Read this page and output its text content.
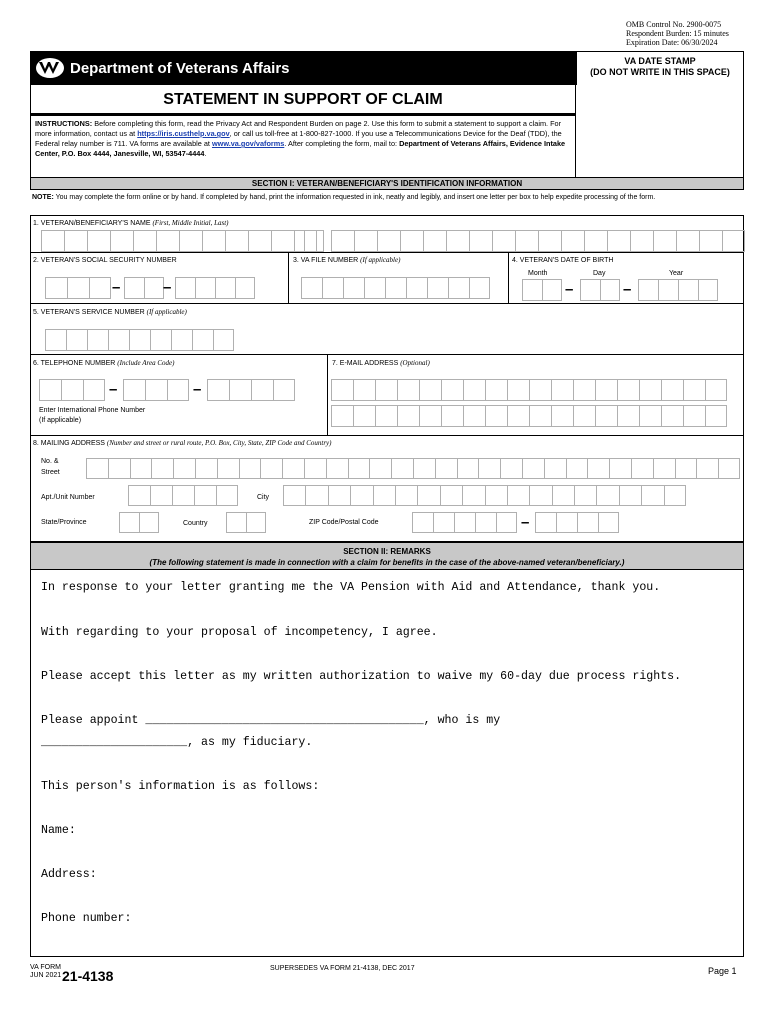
OMB Control No. 2900-0075
Respondent Burden: 15 minutes
Expiration Date: 06/30/2024
Department of Veterans Affairs	VA DATE STAMP
(DO NOT WRITE IN THIS SPACE)
STATEMENT IN SUPPORT OF CLAIM
INSTRUCTIONS: Before completing this form, read the Privacy Act and Respondent Burden on page 2. Use this form to submit a statement to support a claim. For more information, contact us at https://iris.custhelp.va.gov, or call us toll-free at 1-800-827-1000. If you use a Telecommunications Device for the Deaf (TDD), the Federal relay number is 711. VA forms are available at www.va.gov/vaforms. After completing the form, mail to: Department of Veterans Affairs, Evidence Intake Center, P.O. Box 4444, Janesville, WI, 53547-4444.
SECTION I: VETERAN/BENEFICIARY'S IDENTIFICATION INFORMATION
NOTE: You may complete the form online or by hand. If completed by hand, print the information requested in ink, neatly and legibly, and insert one letter per box to help expedite processing of the form.
1. VETERAN/BENEFICIARY'S NAME (First, Middle Initial, Last)
2. VETERAN'S SOCIAL SECURITY NUMBER
–	–
3. VA FILE NUMBER (If applicable)	4. VETERAN'S DATE OF BIRTH
Month	Day	Year
–	–
5. VETERAN'S SERVICE NUMBER (If applicable)
6. TELEPHONE NUMBER (Include Area Code)
–	–
Enter International Phone Number
(If applicable)
7. E-MAIL ADDRESS (Optional)
8. MAILING ADDRESS (Number and street or rural route, P.O. Box, City, State, ZIP Code and Country)
No. &
Street
Apt./Unit Number	City
State/Province	Country	ZIP Code/Postal Code	–
SECTION II: REMARKS
(The following statement is made in connection with a claim for benefits in the case of the above-named veteran/beneficiary.)
In response to your letter granting me the VA Pension with Aid and Attendance, thank you.
With regarding to your proposal of incompetency, I agree.
Please accept this letter as my written authorization to waive my 60-day due process rights.
Please appoint ________________________________________, who is my
_____________________, as my fiduciary.
This person's information is as follows:
Name:
Address:
Phone number:
VA FORM
JUN 2021 21-4138	SUPERSEDES VA FORM 21-4138, DEC 2017	Page 1
